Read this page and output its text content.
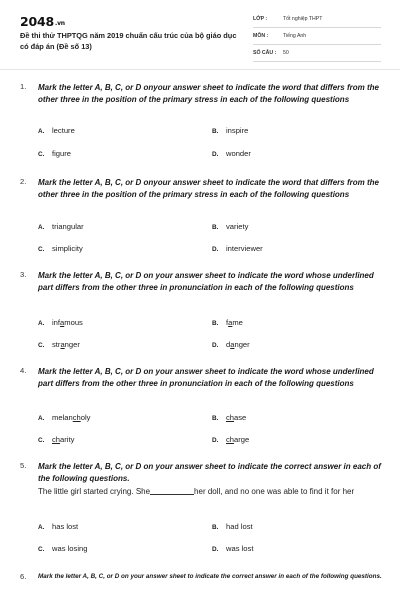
2048.vn
Đề thi thử THPTQG năm 2019 chuẩn cấu trúc của bộ giáo dục có đáp án (Đề số 13)
LỚP :	Tốt nghiệp THPT
MÔN :	Tiếng Anh
SỐ CÂU : 50
1. Mark the letter A, B, C, or D onyour answer sheet to indicate the word that differs from the other three in the position of the primary stress in each of the following questions
A. lecture	B. inspire
C. figure	D. wonder
2. Mark the letter A, B, C, or D onyour answer sheet to indicate the word that differs from the other three in the position of the primary stress in each of the following questions
A. triangular	B. variety
C. simplicity	D. interviewer
3. Mark the letter A, B, C, or D on your answer sheet to indicate the word whose underlined part differs from the other three in pronunciation in each of the following questions
A. infamous	B. fame
C. stranger	D. danger
4. Mark the letter A, B, C, or D on your answer sheet to indicate the word whose underlined part differs from the other three in pronunciation in each of the following questions
A. melancholy	B. chase
C. charity	D. charge
5. Mark the letter A, B, C, or D on your answer sheet to indicate the correct answer in each of the following questions.
The little girl started crying. She	her doll, and no one was able to find it for her
A. has lost	B. had lost
C. was losing	D. was lost
6. Mark the letter A, B, C, or D on your answer sheet to indicate the correct answer in each of the following questions.
